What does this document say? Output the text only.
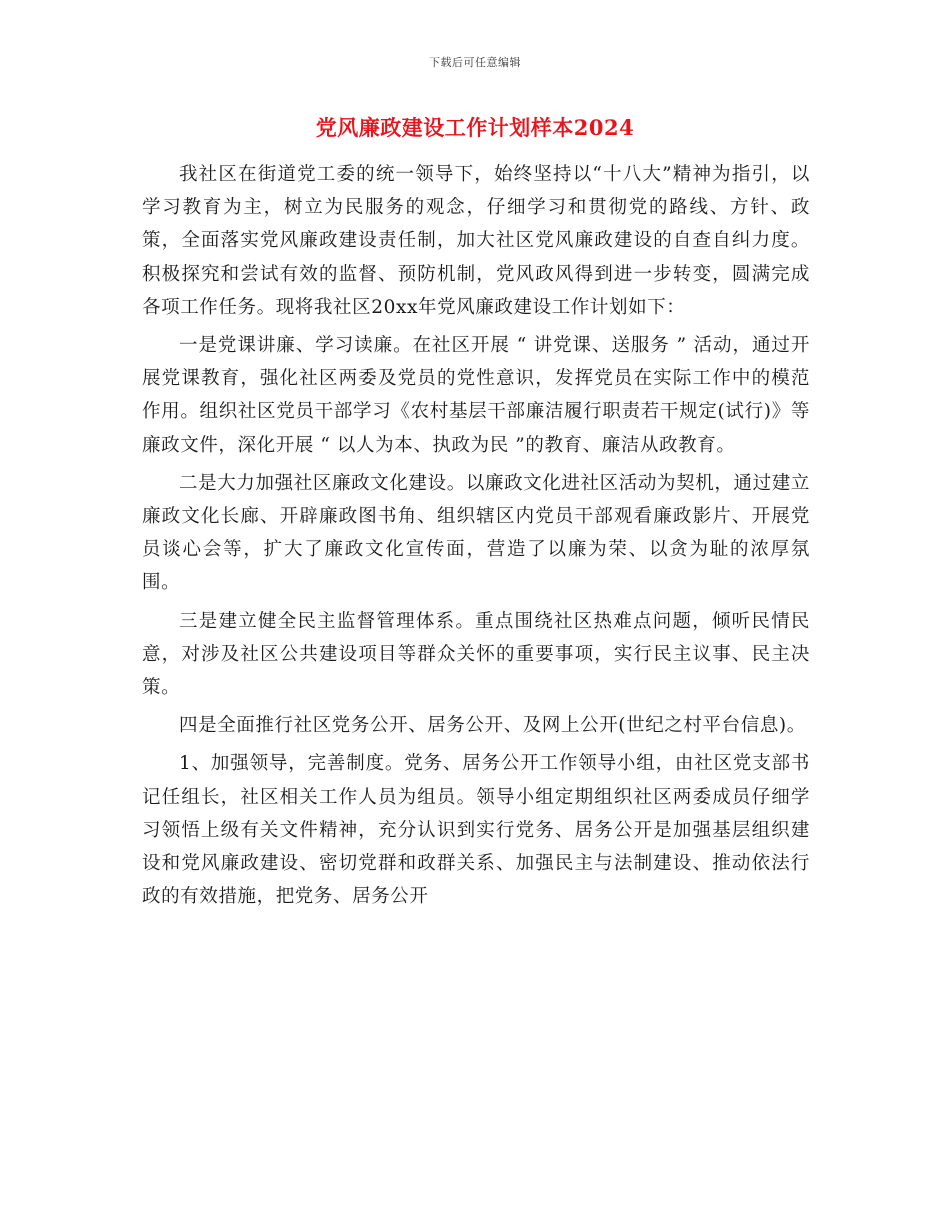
下载后可任意编辑
党风廉政建设工作计划样本2024

我社区在街道党工委的统一领导下，始终坚持以“十八大”精神为指引，以学习教育为主，树立为民服务的观念，仔细学习和贯彻党的路线、方针、政策，全面落实党风廉政建设责任制，加大社区党风廉政建设的自查自纠力度。积极探究和尝试有效的监督、预防机制，党风政风得到进一步转变，圆满完成各项工作任务。现将我社区20xx年党风廉政建设工作计划如下：

一是党课讲廉、学习读廉。在社区开展 “ 讲党课、送服务 ” 活动，通过开展党课教育，强化社区两委及党员的党性意识，发挥党员在实际工作中的模范作用。组织社区党员干部学习《农村基层干部廉洁履行职责若干规定(试行)》等廉政文件，深化开展 “ 以人为本、执政为民 ”的教育、廉洁从政教育。

二是大力加强社区廉政文化建设。以廉政文化进社区活动为契机，通过建立廉政文化长廊、开辟廉政图书角、组织辖区内党员干部观看廉政影片、开展党员谈心会等，扩大了廉政文化宣传面，营造了以廉为荣、以贪为耻的浓厚氛围。

三是建立健全民主监督管理体系。重点围绕社区热难点问题，倾听民情民意，对涉及社区公共建设项目等群众关怀的重要事项，实行民主议事、民主决策。

四是全面推行社区党务公开、居务公开、及网上公开(世纪之村平台信息)。

1、加强领导，完善制度。党务、居务公开工作领导小组，由社区党支部书记任组长，社区相关工作人员为组员。领导小组定期组织社区两委成员仔细学习领悟上级有关文件精神，充分认识到实行党务、居务公开是加强基层组织建设和党风廉政建设、密切党群和政群关系、加强民主与法制建设、推动依法行政的有效措施，把党务、居务公开
